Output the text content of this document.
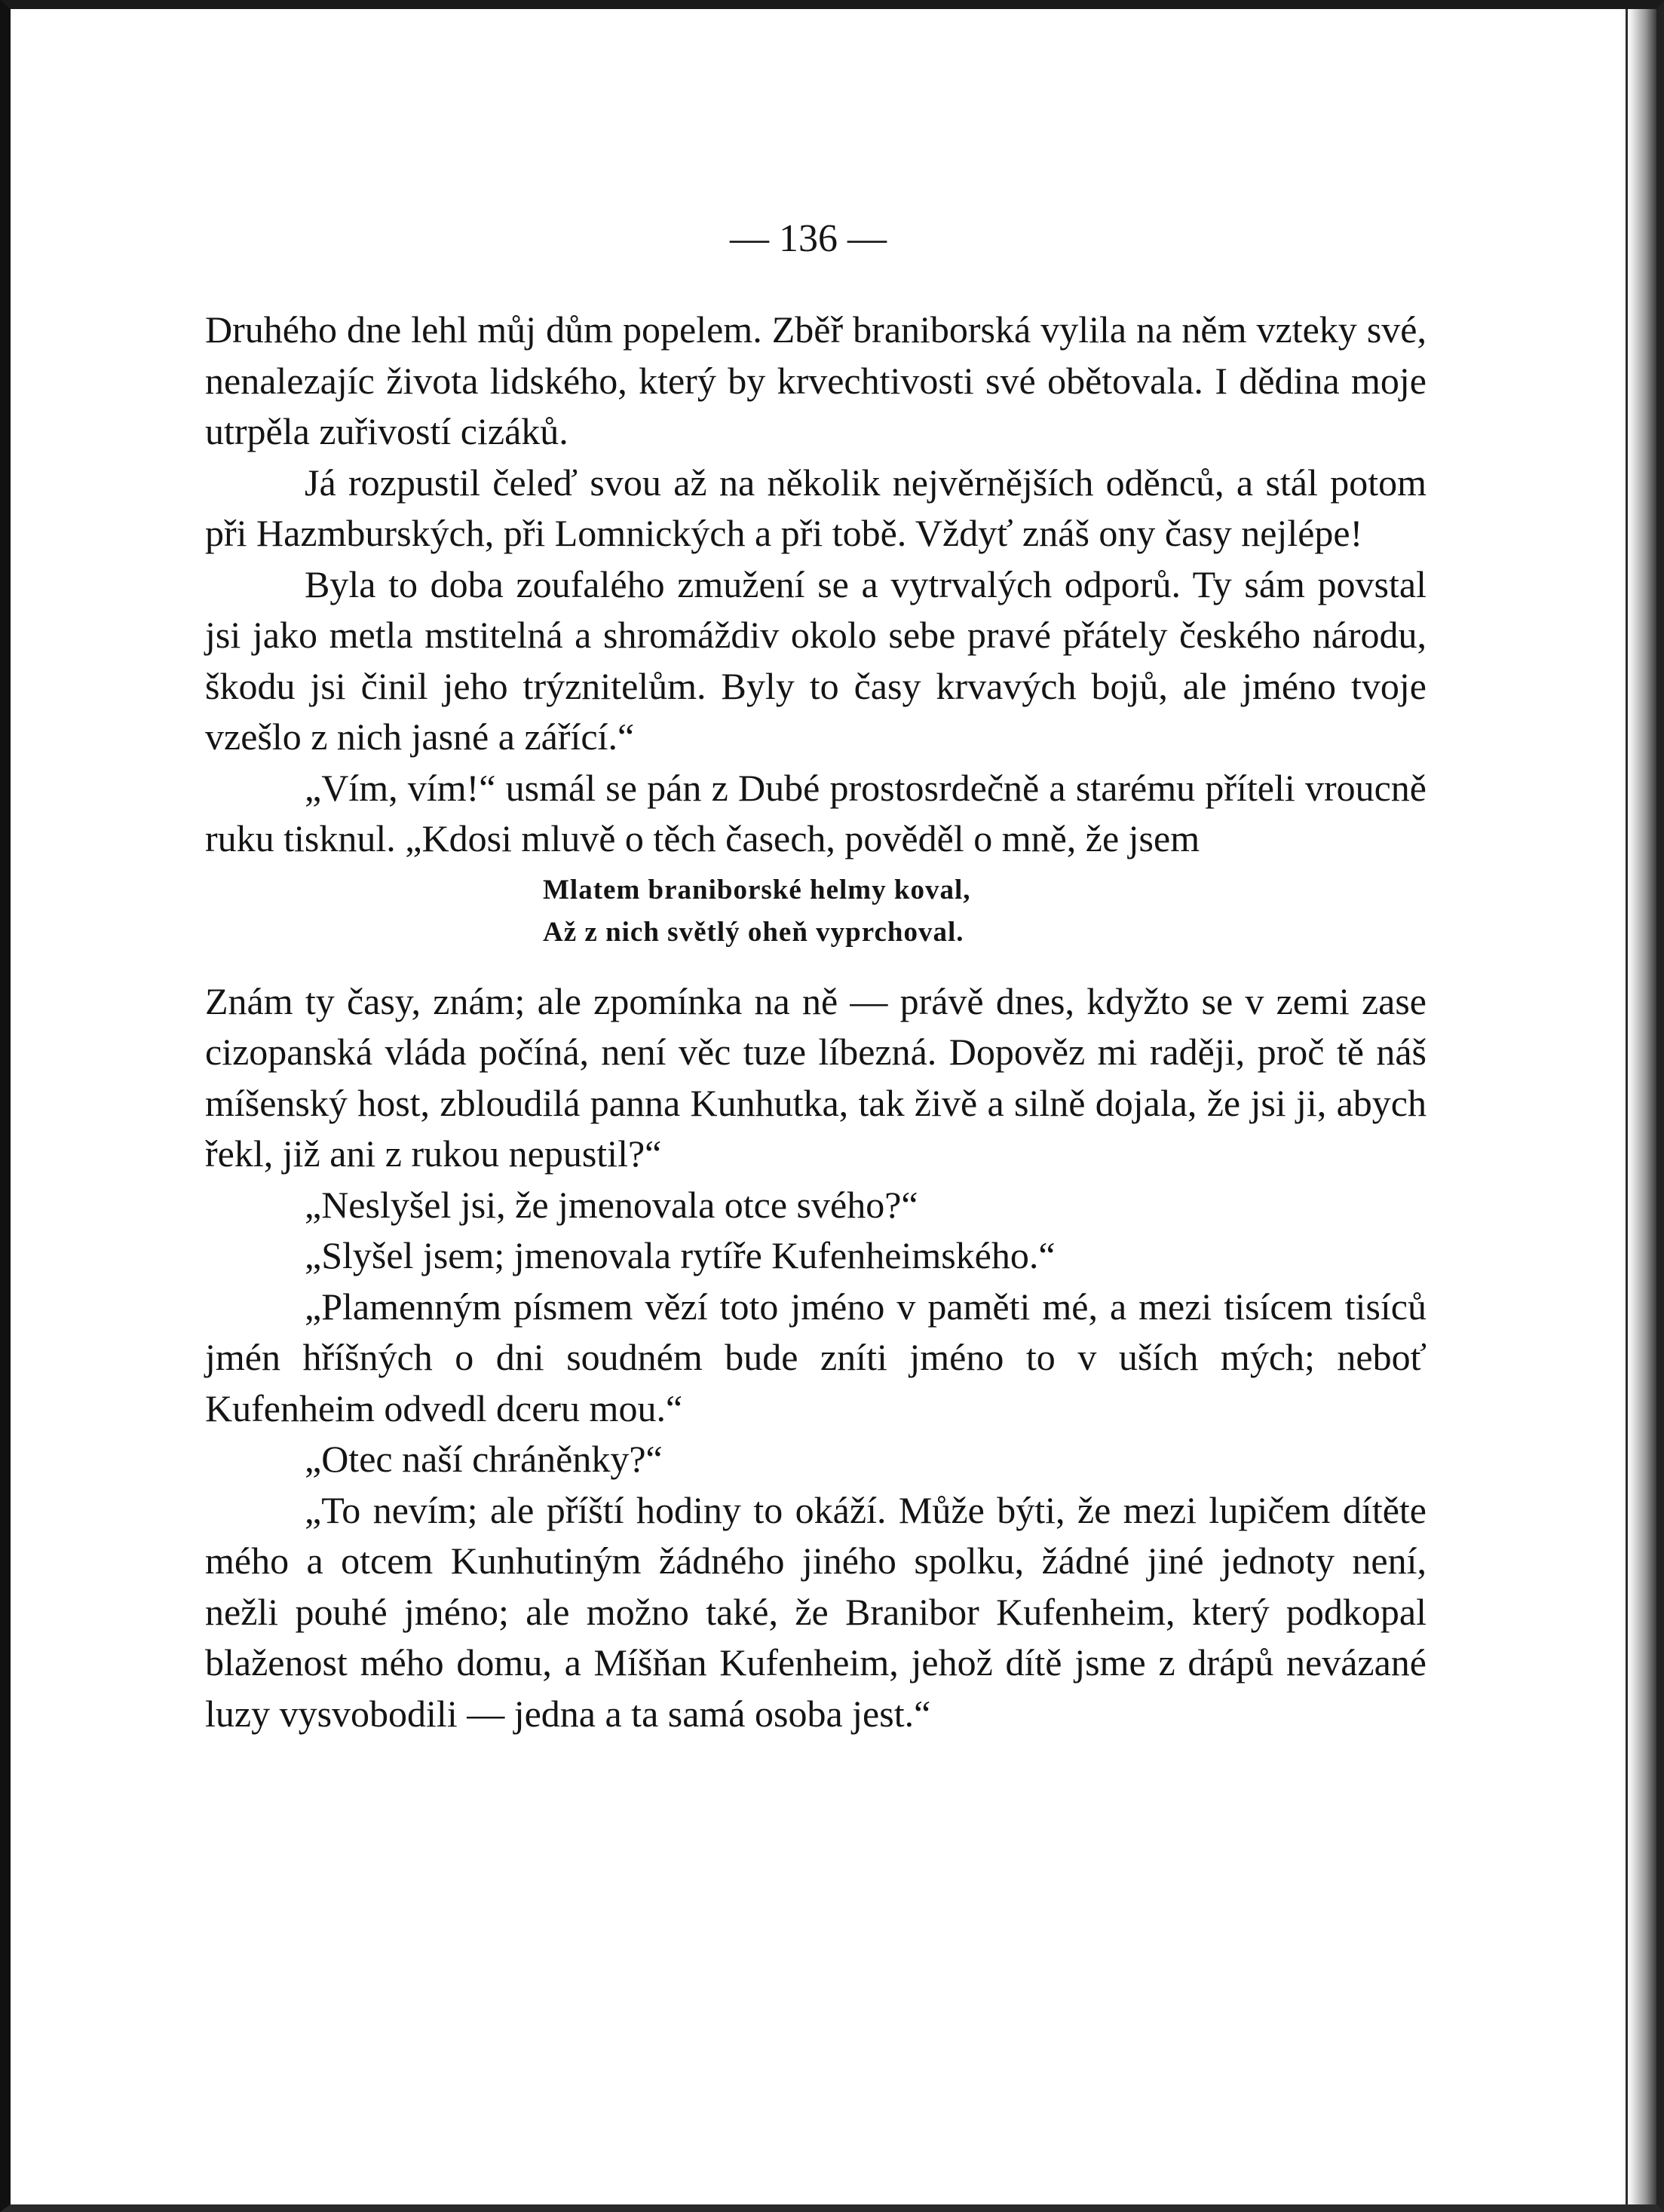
— 136 —

Druhého dne lehl můj dům popelem. Zběř braniborská vylila na něm vzteky své, nenalezajíc života lidského, který by krvechtivosti své obětovala. I dědina moje utrpěla zuřivostí cizáků.

Já rozpustil čeleď svou až na několik nejvěrnějších oděnců, a stál potom při Hazmburských, při Lomnických a při tobě. Vždyť znáš ony časy nejlépe!

Byla to doba zoufalého zmužení se a vytrvalých odporů. Ty sám povstal jsi jako metla mstitelná a shromáždiv okolo sebe pravé přátely českého národu, škodu jsi činil jeho trýznitelům. Byly to časy krvavých bojů, ale jméno tvoje vzešlo z nich jasné a zářící.“

„Vím, vím!“ usmál se pán z Dubé prostosrdečně a starému příteli vroucně ruku tisknul. „Kdosi mluvě o těch časech, pověděl o mně, že jsem

Mlatem braniborské helmy koval,
Až z nich světlý oheň vyprchoval.

Znám ty časy, znám; ale zpomínka na ně — právě dnes, kdyžto se v zemi zase cizopanská vláda počíná, není věc tuze líbezná. Dopověz mi raději, proč tě náš míšenský host, zbloudilá panna Kunhutka, tak živě a silně dojala, že jsi ji, abych řekl, již ani z rukou nepustil?“

„Neslyšel jsi, že jmenovala otce svého?“

„Slyšel jsem; jmenovala rytíře Kufenheimského.“

„Plamenným písmem vězí toto jméno v paměti mé, a mezi tisícem tisíců jmén hříšných o dni soudném bude zníti jméno to v uších mých; neboť Kufenheim odvedl dceru mou.“

„Otec naší chráněnky?“

„To nevím; ale příští hodiny to okáží. Může býti, že mezi lupičem dítěte mého a otcem Kunhutiným žádného jiného spolku, žádné jiné jednoty není, nežli pouhé jméno; ale možno také, že Branibor Kufenheim, který podkopal blaženost mého domu, a Míšňan Kufenheim, jehož dítě jsme z drápů nevázané luzy vysvobodili — jedna a ta samá osoba jest.“
